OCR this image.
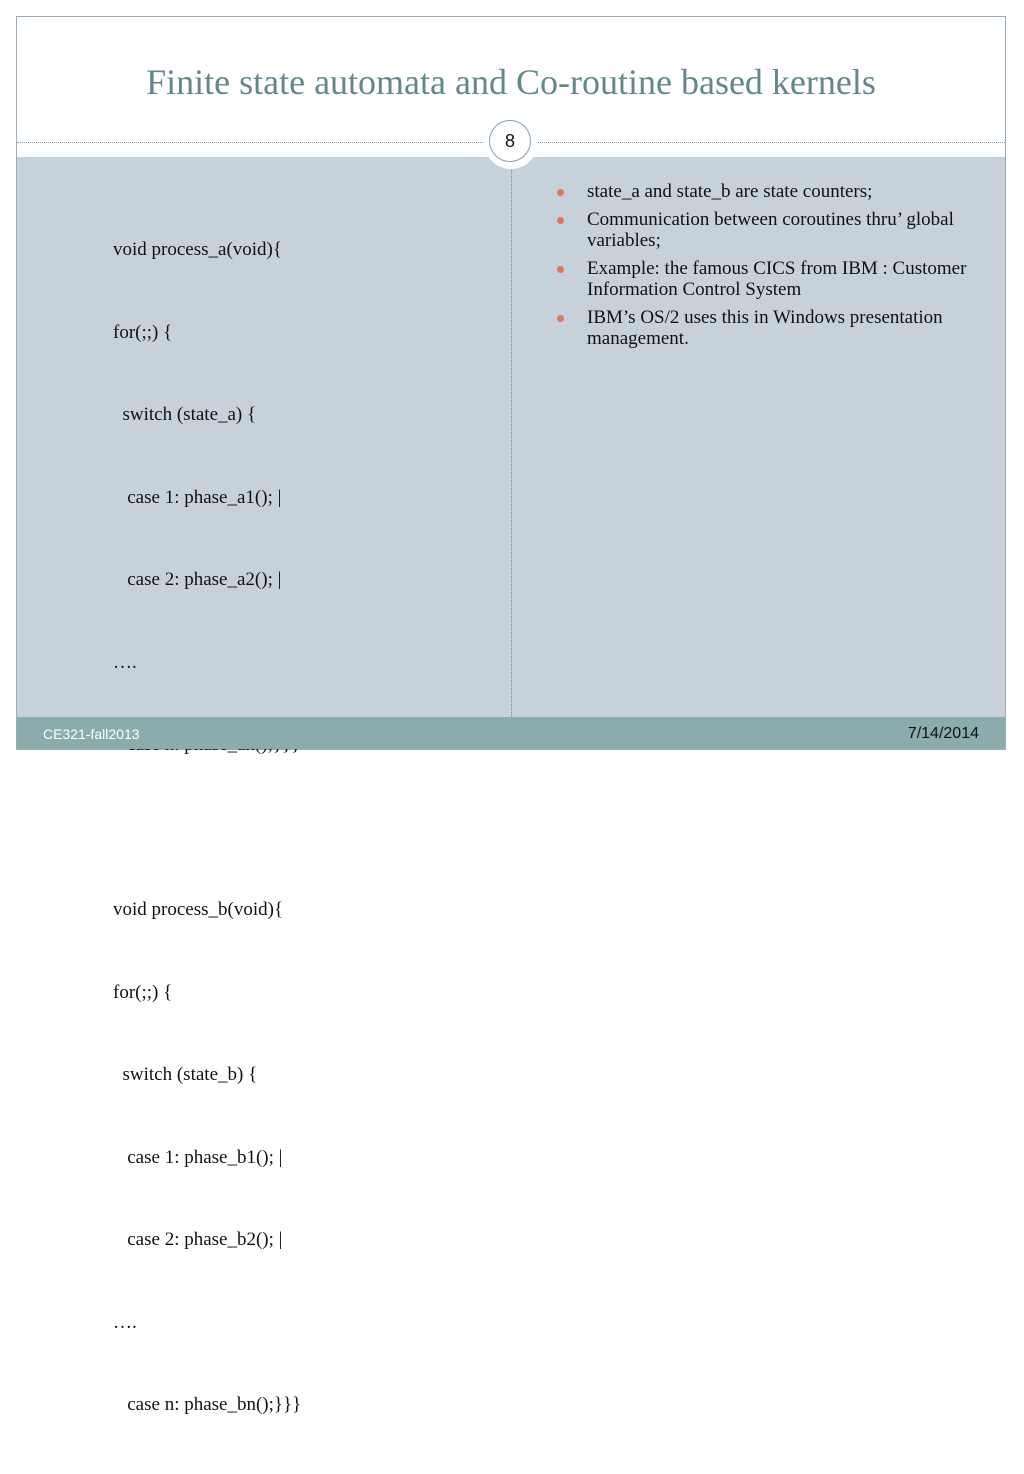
Finite state automata and Co-routine based kernels

void process_a(void){

for(;;) {

switch (state_a) {

case 1: phase_a1(); |

case 2: phase_a2(); |

….

void process_b(void){

for(;;) {

switch (state_b) {

case 1: phase_b1(); |

case 2: phase_b2(); |

….

case n: phase_bn();}}}

state_a and state_b are state counters;
Communication between coroutines thru’ global variables;
Example: the famous CICS from IBM : Customer Information Control System
IBM’s OS/2 uses this in Windows presentation management.
CE321-fall2013	7/14/2014
8
